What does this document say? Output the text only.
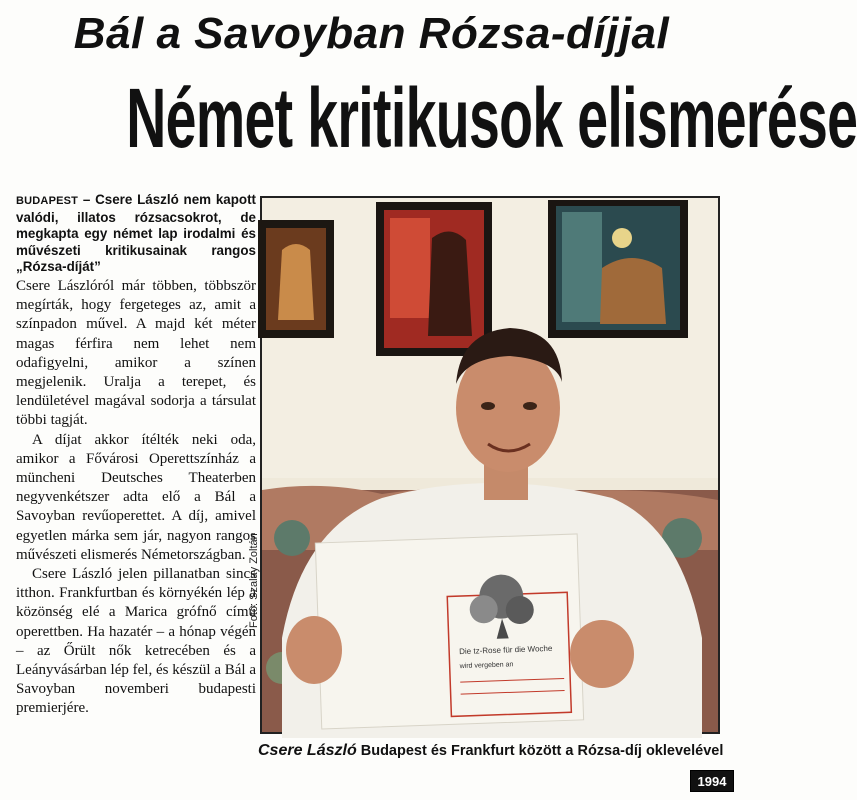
Bál a Savoyban Rózsa-díjjal
Német kritikusok elismerése

BUDAPEST – Csere László nem kapott valódi, illatos rózsacsokrot, de megkapta egy német lap irodalmi és művészeti kritikusainak rangos „Rózsa-díját”

Csere Lászlóról már többen, többször megírták, hogy fergeteges az, amit a színpadon művel. A majd két méter magas férfira nem lehet nem odafigyelni, amikor a színen megjelenik. Uralja a terepet, és lendületével magával sodorja a társulat többi tagját.

A díjat akkor ítélték neki oda, amikor a Fővárosi Operettszínház a müncheni Deutsches Theaterben negyvenkétszer adta elő a Bál a Savoyban revűoperettet. A díj, amivel egyetlen márka sem jár, nagyon rangos művészeti elismerés Németországban.

Csere László jelen pillanatban sincs itthon. Frankfurtban és környékén lép a közönség elé a Marica grófnő című operettben. Ha hazatér – a hónap végén – az Őrült nők ketrecében és a Leányvásárban lép fel, és készül a Bál a Savoyban novemberi budapesti premierjére.

Fotó: Szalay Zoltán
Die tz-Rose für die Woche
wird vergeben an
Csere László Budapest és Frankfurt között a Rózsa-díj oklevelével
1994
